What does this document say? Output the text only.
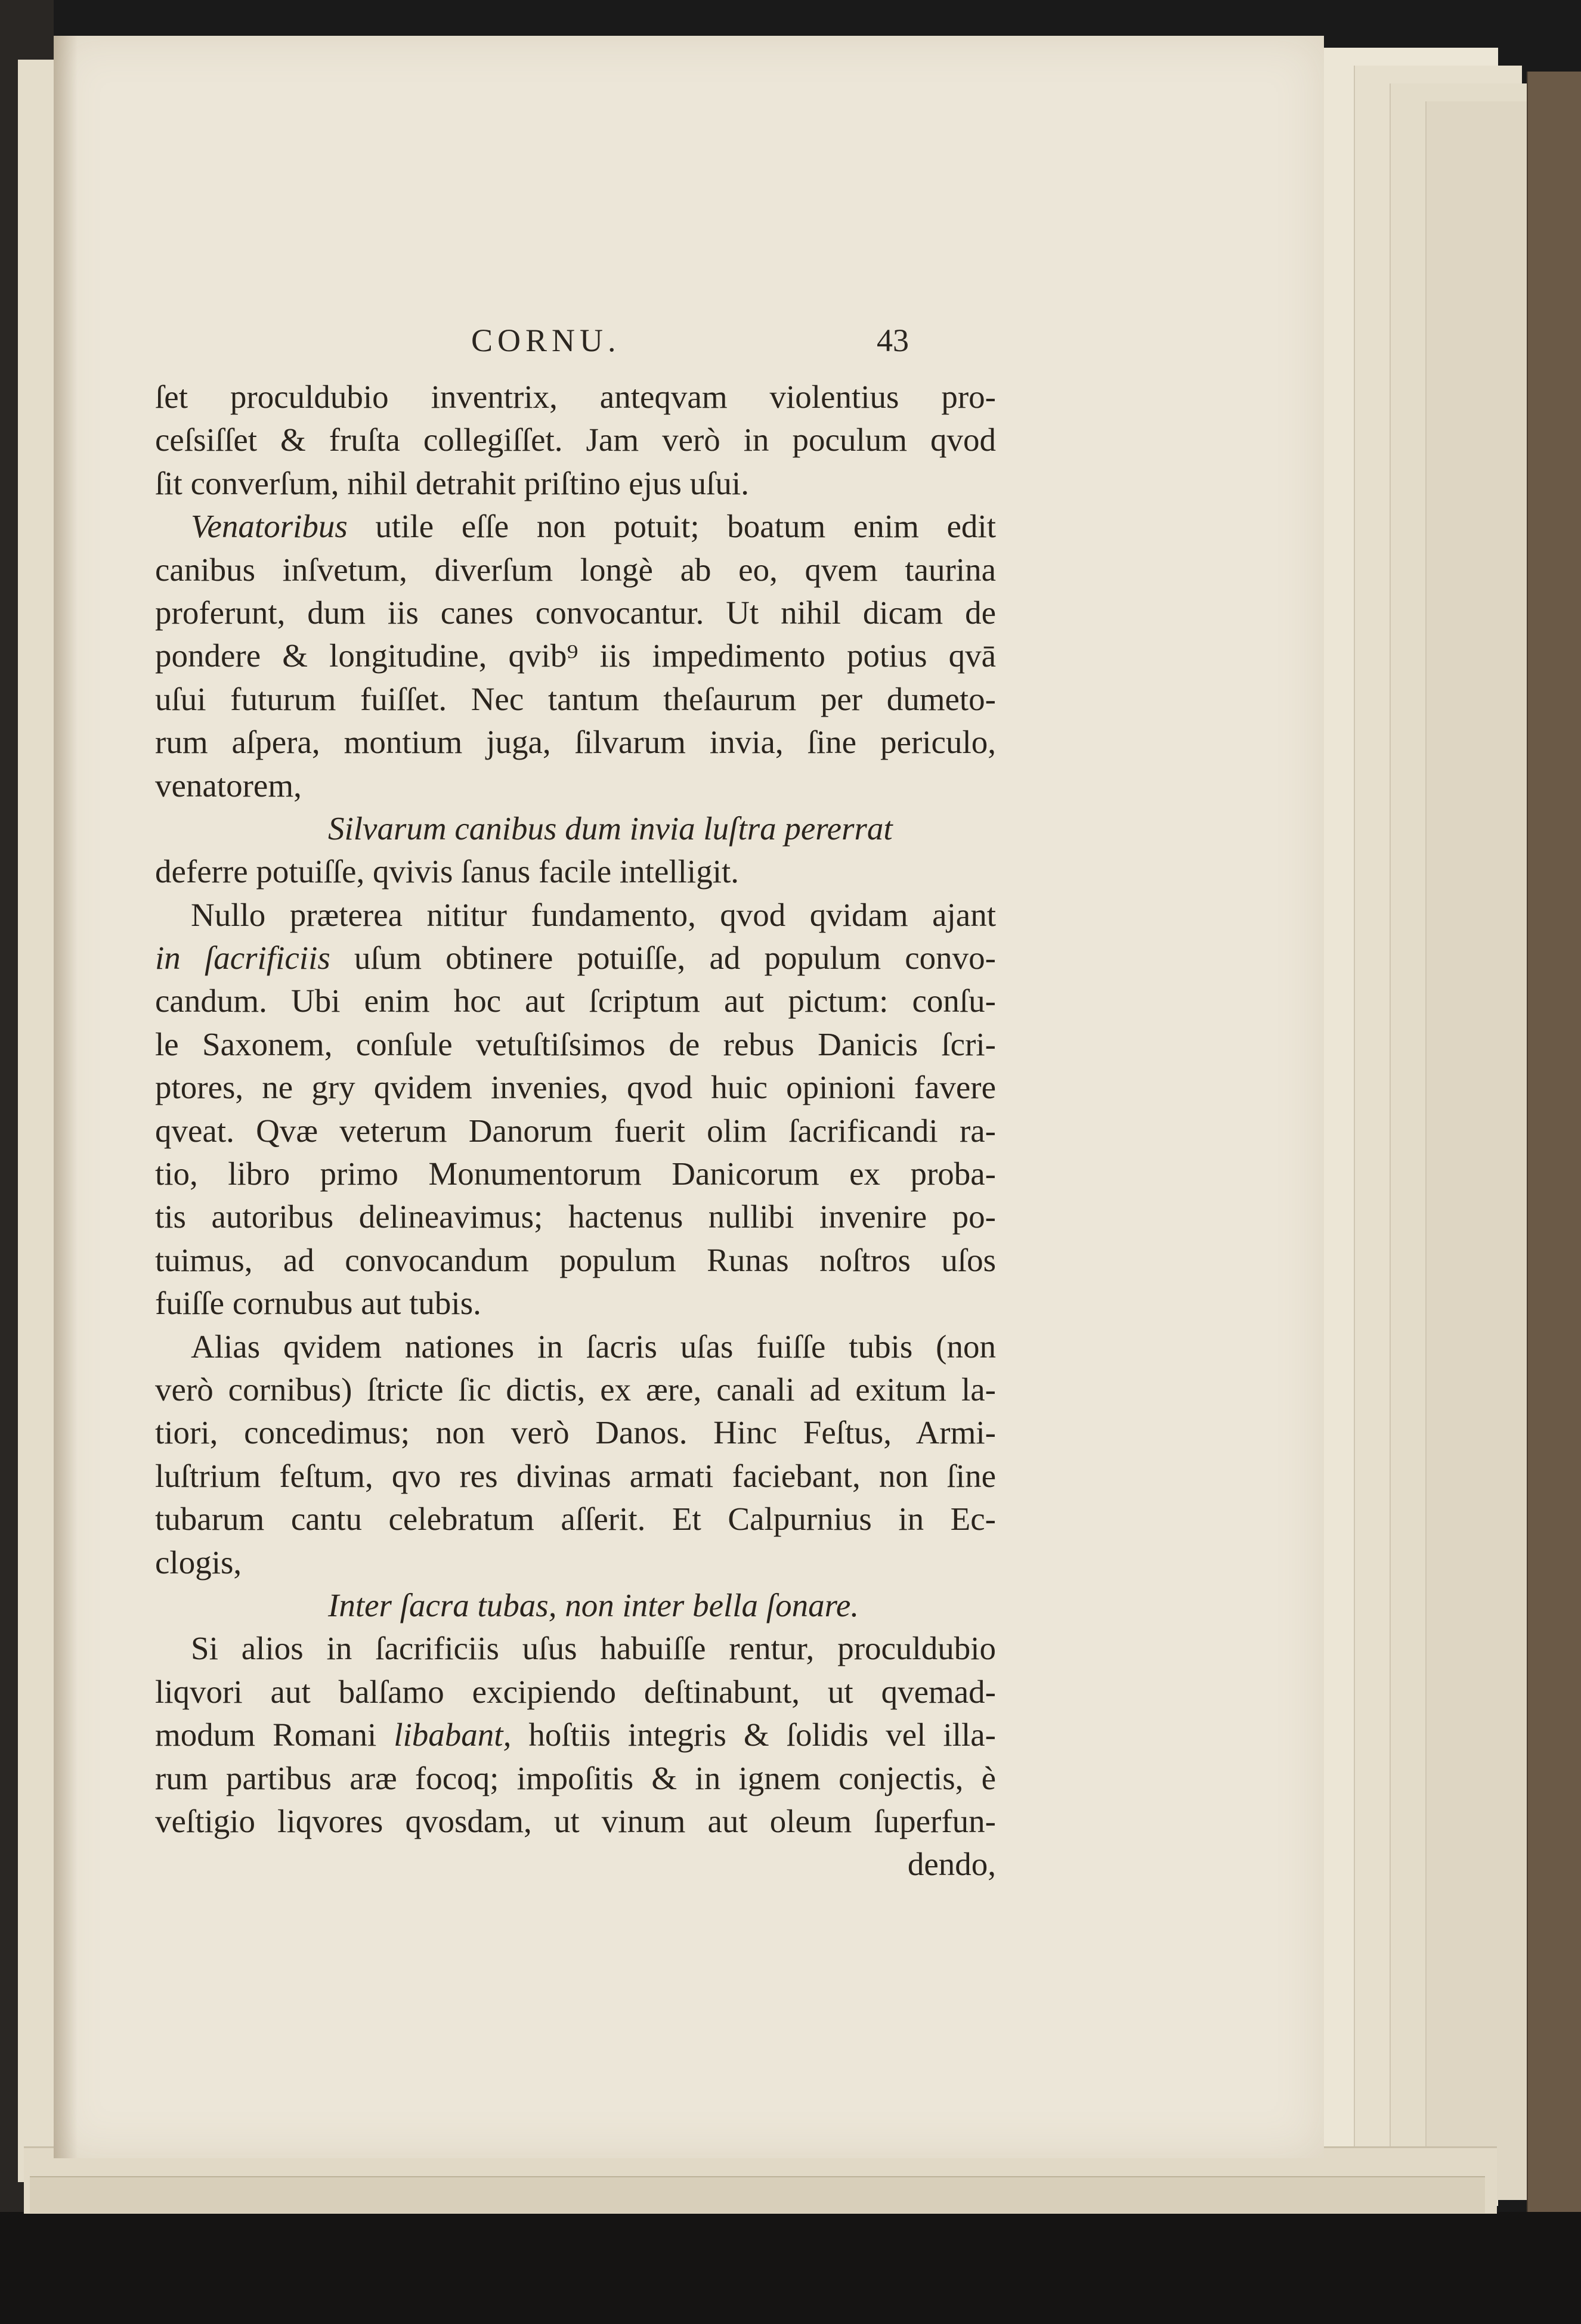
CORNU.	43
ſet proculdubio inventrix, anteqvam violentius pro-
ceſsiſſet & fruſta collegiſſet. Jam verò in poculum qvod
ſit converſum, nihil detrahit priſtino ejus uſui.
Venatoribus utile eſſe non potuit; boatum enim edit
canibus inſvetum, diverſum longè ab eo, qvem taurina
proferunt, dum iis canes convocantur. Ut nihil dicam de
pondere & longitudine, qvib⁹ iis impedimento potius qvā
uſui futurum fuiſſet. Nec tantum theſaurum per dumeto-
rum aſpera, montium juga, ſilvarum invia, ſine periculo,
venatorem,
Silvarum canibus dum invia luſtra pererrat
deferre potuiſſe, qvivis ſanus facile intelligit.
Nullo præterea nititur fundamento, qvod qvidam ajant
in ſacrificiis uſum obtinere potuiſſe, ad populum convo-
candum. Ubi enim hoc aut ſcriptum aut pictum: conſu-
le Saxonem, conſule vetuſtiſsimos de rebus Danicis ſcri-
ptores, ne gry qvidem invenies, qvod huic opinioni favere
qveat. Qvæ veterum Danorum fuerit olim ſacrificandi ra-
tio, libro primo Monumentorum Danicorum ex proba-
tis autoribus delineavimus; hactenus nullibi invenire po-
tuimus, ad convocandum populum Runas noſtros uſos
fuiſſe cornubus aut tubis.
Alias qvidem nationes in ſacris uſas fuiſſe tubis (non
verò cornibus) ſtricte ſic dictis, ex ære, canali ad exitum la-
tiori, concedimus; non verò Danos. Hinc Feſtus, Armi-
luſtrium feſtum, qvo res divinas armati faciebant, non ſine
tubarum cantu celebratum aſſerit. Et Calpurnius in Ec-
clogis,
Inter ſacra tubas, non inter bella ſonare.
Si alios in ſacrificiis uſus habuiſſe rentur, proculdubio
liqvori aut balſamo excipiendo deſtinabunt, ut qvemad-
modum Romani libabant, hoſtiis integris & ſolidis vel illa-
rum partibus aræ focoq; impoſitis & in ignem conjectis, è
veſtigio liqvores qvosdam, ut vinum aut oleum ſuperfun-
dendo,
